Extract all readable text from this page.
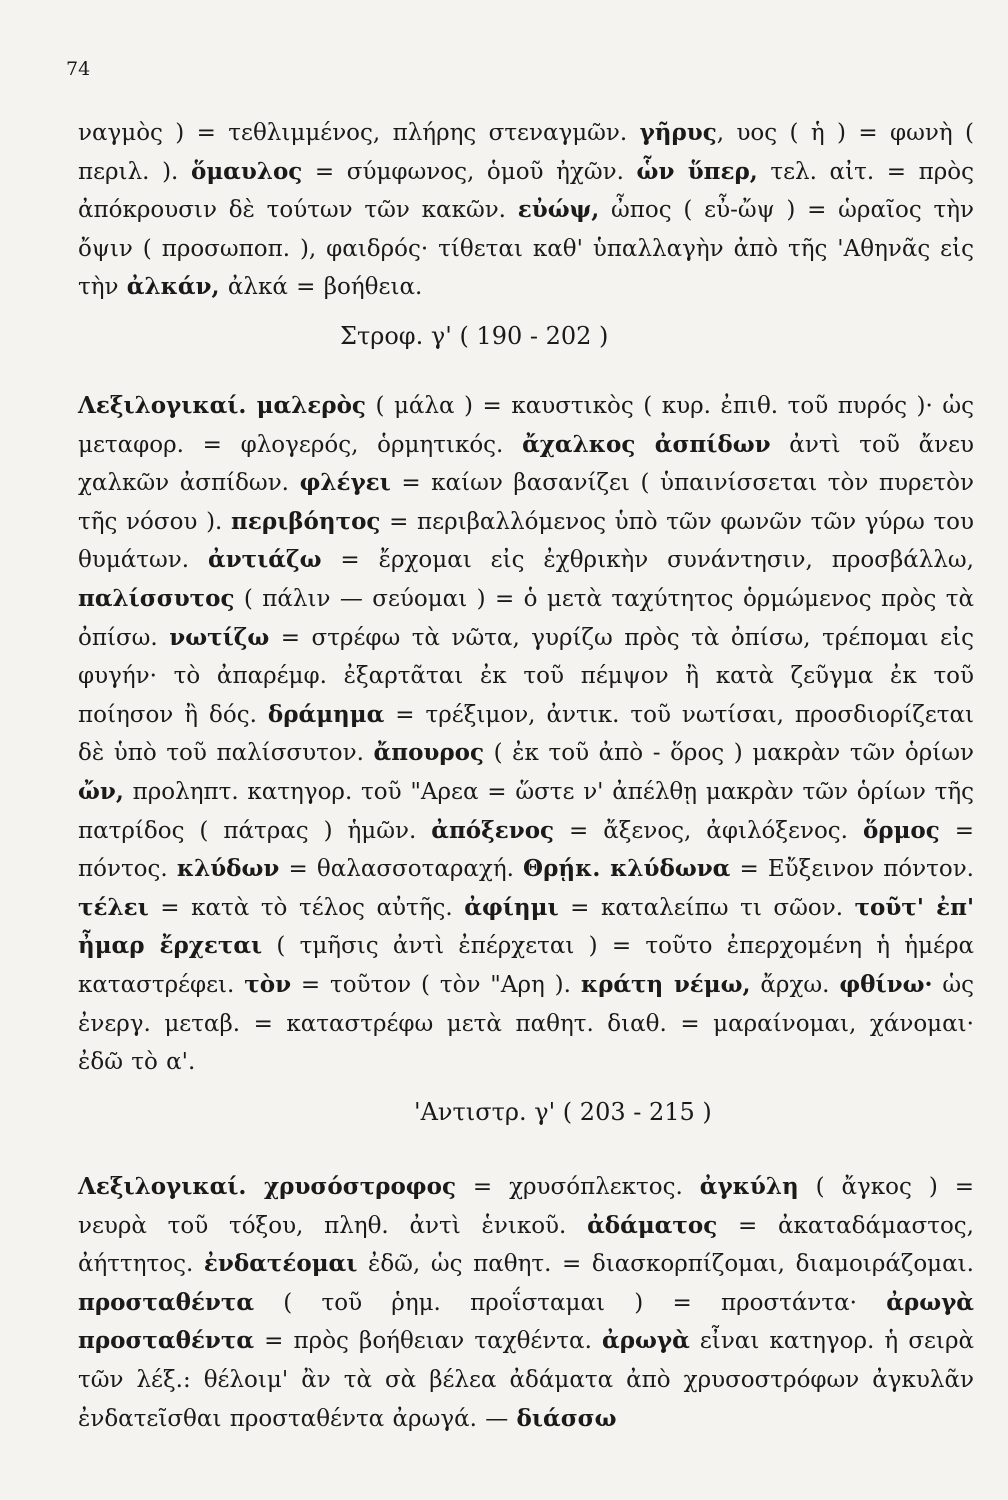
74
ναγμὸς ) = τεθλιμμένος, πλήρης στεναγμῶν. γῆρυς, υος ( ἡ ) = φωνὴ ( περιλ. ). ὅμαυλος = σύμφωνος, ὁμοῦ ἠχῶν. ὧν ὕπερ, τελ. αἰτ. = πρὸς ἀπόκρουσιν δὲ τούτων τῶν κακῶν. εὐώψ, ὦπος ( εὖ-ὤψ ) = ὡραῖος τὴν ὄψιν ( προσωποπ. ), φαιδρός· τίθεται καθ' ὑπαλλαγὴν ἀπὸ τῆς 'Αθηνᾶς εἰς τὴν ἀλκάν, ἀλκά = βοήθεια.
Στροφ. γ' ( 190 - 202 )
Λεξιλογικαί. μαλερὸς ( μάλα ) = καυστικὸς ( κυρ. ἐπιθ. τοῦ πυρός )· ὡς μεταφορ. = φλογερός, ὁρμητικός. ἄχαλκος ἀσπίδων ἀντὶ τοῦ ἄνευ χαλκῶν ἀσπίδων. φλέγει = καίων βασανίζει ( ὑπαινίσσεται τὸν πυρετὸν τῆς νόσου ). περιβόητος = περιβαλλόμενος ὑπὸ τῶν φωνῶν τῶν γύρω του θυμάτων. ἀντιάζω = ἔρχομαι εἰς ἐχθρικὴν συνάντησιν, προσβάλλω, παλίσσυτος ( πάλιν — σεύομαι ) = ὁ μετὰ ταχύτητος ὁρμώμενος πρὸς τὰ ὀπίσω. νωτίζω = στρέφω τὰ νῶτα, γυρίζω πρὸς τὰ ὀπίσω, τρέπομαι εἰς φυγήν· τὸ ἀπαρέμφ. ἐξαρτᾶται ἐκ τοῦ πέμψον ἢ κατὰ ζεῦγμα ἐκ τοῦ ποίησον ἢ δός. δράμημα = τρέξιμον, ἀντικ. τοῦ νωτίσαι, προσδιορίζεται δὲ ὑπὸ τοῦ παλίσσυτον. ἄπουρος ( ἐκ τοῦ ἀπὸ - ὅρος ) μακρὰν τῶν ὁρίων ὤν, προληπτ. κατηγορ. τοῦ "Αρεα = ὥστε ν' ἀπέλθῃ μακρὰν τῶν ὁρίων τῆς πατρίδος ( πάτρας ) ἡμῶν. ἀπόξενος = ἄξενος, ἀφιλόξενος. ὅρμος = πόντος. κλύδων = θαλασσοταραχή. Θρῄκ. κλύδωνα = Εὔξεινον πόντον. τέλει = κατὰ τὸ τέλος αὐτῆς. ἀφίημι = καταλείπω τι σῶον. τοῦτ' ἐπ' ἦμαρ ἔρχεται ( τμῆσις ἀντὶ ἐπέρχεται ) = τοῦτο ἐπερχομένη ἡ ἡμέρα καταστρέφει. τὸν = τοῦτον ( τὸν "Αρη ). κράτη νέμω, ἄρχω. φθίνω· ὡς ἐνεργ. μεταβ. = καταστρέφω μετὰ παθητ. διαθ. = μαραίνομαι, χάνομαι· ἐδῶ τὸ α'.
'Αντιστρ. γ' ( 203 - 215 )
Λεξιλογικαί. χρυσόστροφος = χρυσόπλεκτος. ἀγκύλη ( ἄγκος ) = νευρὰ τοῦ τόξου, πληθ. ἀντὶ ἑνικοῦ. ἀδάματος = ἀκαταδάμαστος, ἀήττητος. ἐνδατέομαι ἐδῶ, ὡς παθητ. = διασκορπίζομαι, διαμοιράζομαι. προσταθέντα ( τοῦ ῥημ. προΐσταμαι ) = προστάντα· ἀρωγὰ προσταθέντα = πρὸς βοήθειαν ταχθέντα. ἀρωγὰ εἶναι κατηγορ. ἡ σειρὰ τῶν λέξ.: θέλοιμ' ἂν τὰ σὰ βέλεα ἀδάματα ἀπὸ χρυσοστρόφων ἀγκυλᾶν ἐνδατεῖσθαι προσταθέντα ἀρωγά. — διάσσω
